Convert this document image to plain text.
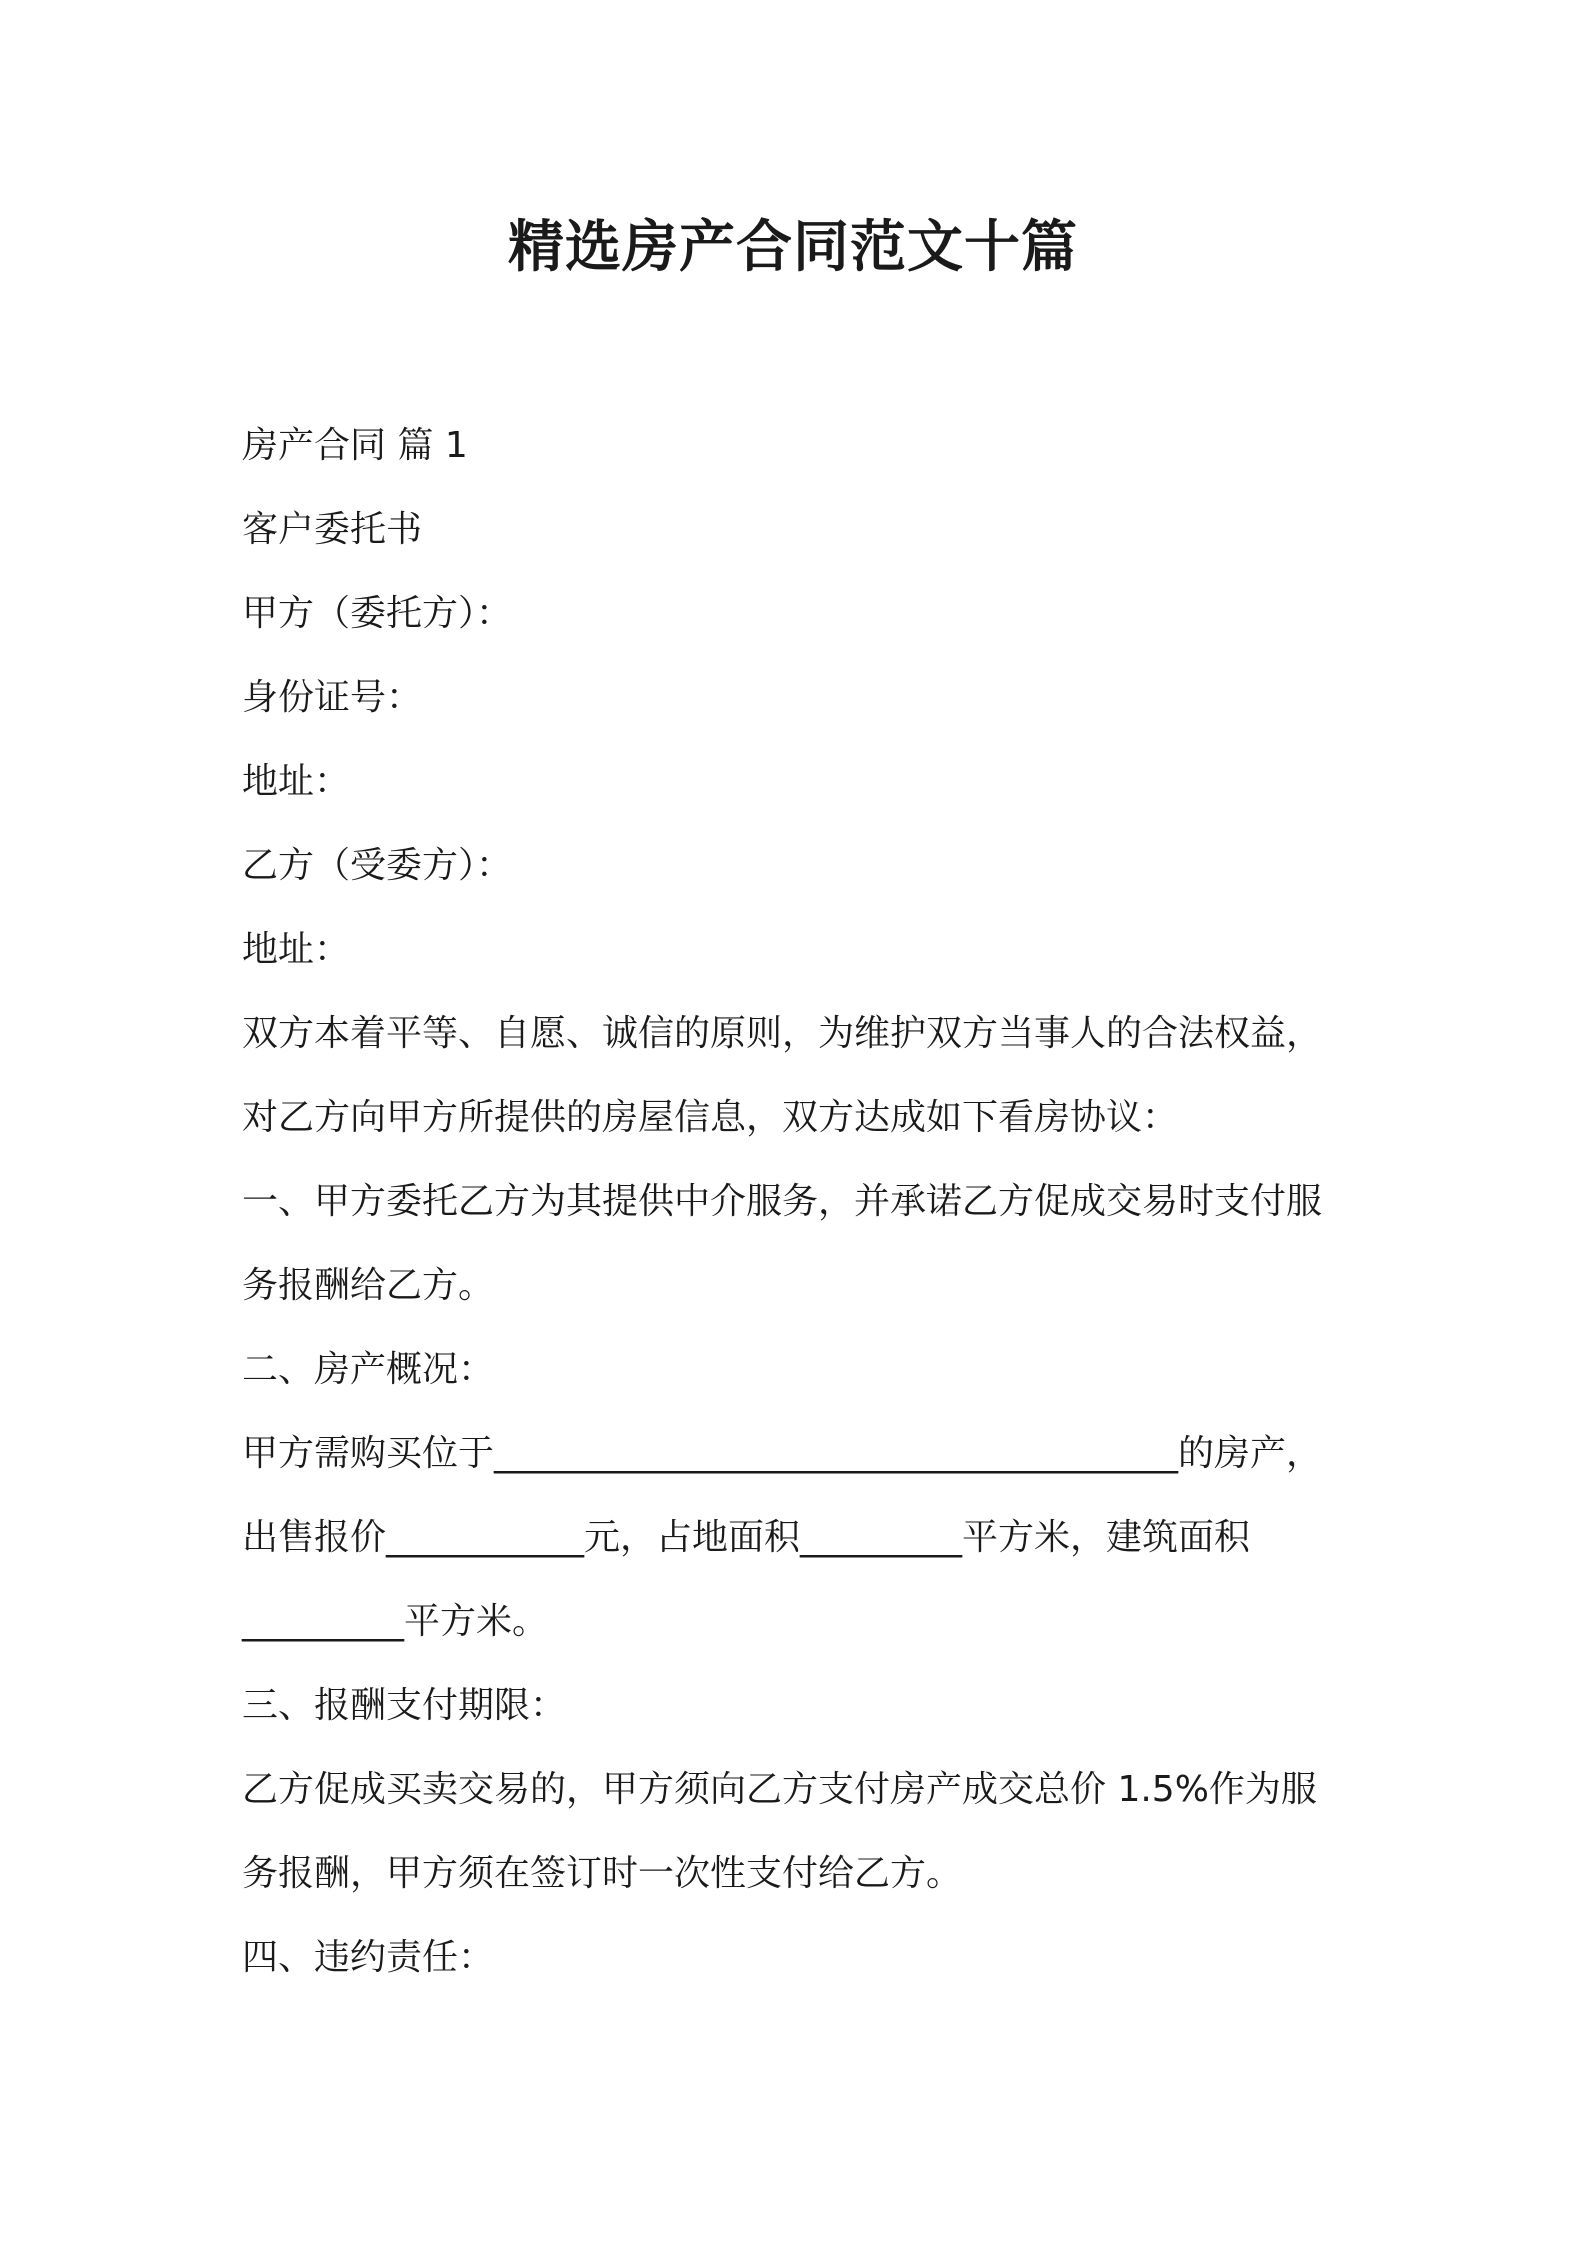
精选房产合同范文十篇

房产合同 篇 1

客户委托书

甲方（委托方）：

身份证号：

地址：

乙方（受委方）：

地址：

双方本着平等、自愿、诚信的原则，为维护双方当事人的合法权益，

对乙方向甲方所提供的房屋信息，双方达成如下看房协议：

一、甲方委托乙方为其提供中介服务，并承诺乙方促成交易时支付服

务报酬给乙方。

二、房产概况：

甲方需购买位于______________________________________的房产，

出售报价___________元，占地面积_________平方米，建筑面积

_________平方米。

三、报酬支付期限：

乙方促成买卖交易的，甲方须向乙方支付房产成交总价 1.5%作为服

务报酬，甲方须在签订时一次性支付给乙方。

四、违约责任：
